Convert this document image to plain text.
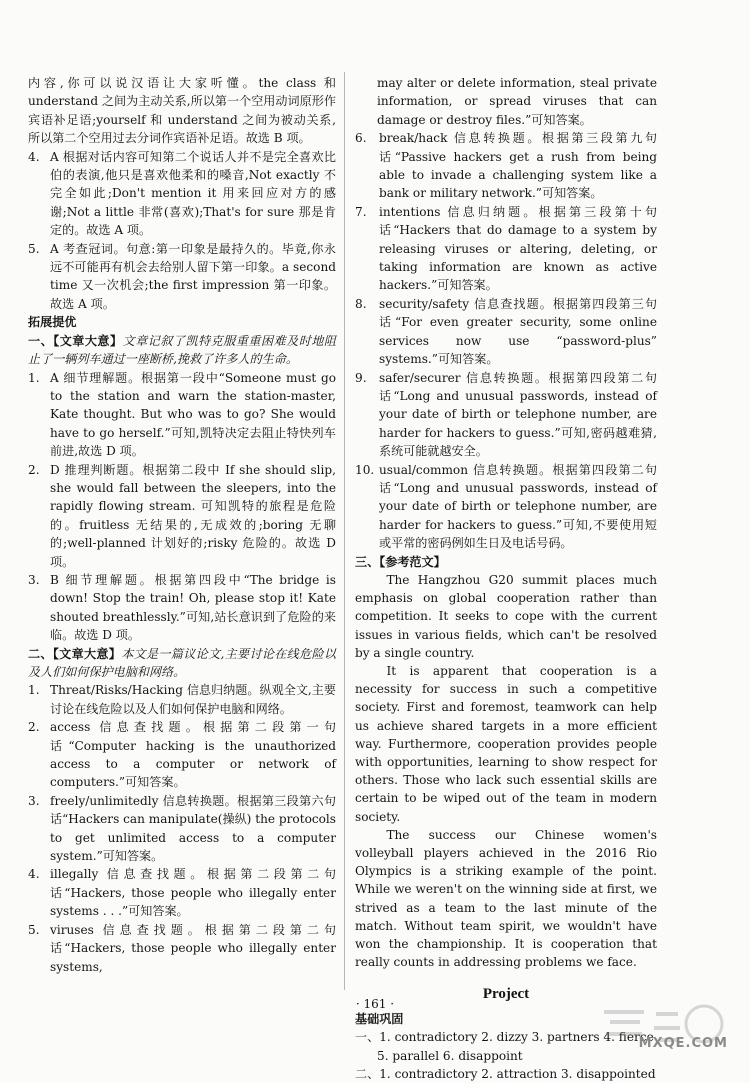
内容,你可以说汉语让大家听懂。the class 和 understand 之间为主动关系,所以第一个空用动词原形作宾语补足语;yourself 和 understand 之间为被动关系,所以第二个空用过去分词作宾语补足语。故选 B 项。

4. A 根据对话内容可知第二个说话人并不是完全喜欢比伯的表演,他只是喜欢他柔和的嗓音,Not exactly 不完全如此;Don't mention it 用来回应对方的感谢;Not a little 非常(喜欢);That's for sure 那是肯定的。故选 A 项。
5. A 考查冠词。句意:第一印象是最持久的。毕竟,你永远不可能再有机会去给别人留下第一印象。a second time 又一次机会;the first impression 第一印象。故选 A 项。

拓展提优

一、【文章大意】文章记叙了凯特克服重重困难及时地阻止了一辆列车通过一座断桥,挽救了许多人的生命。

1. A 细节理解题。根据第一段中“Someone must go to the station and warn the station-master, Kate thought. But who was to go? She would have to go herself.”可知,凯特决定去阻止特快列车前进,故选 D 项。
2. D 推理判断题。根据第二段中 If she should slip, she would fall between the sleepers, into the rapidly flowing stream. 可知凯特的旅程是危险的。fruitless 无结果的,无成效的;boring 无聊的;well-planned 计划好的;risky 危险的。故选 D 项。
3. B 细节理解题。根据第四段中“The bridge is down! Stop the train! Oh, please stop it! Kate shouted breathlessly.”可知,站长意识到了危险的来临。故选 D 项。

二、【文章大意】本文是一篇议论文,主要讨论在线危险以及人们如何保护电脑和网络。

1. Threat/Risks/Hacking 信息归纳题。纵观全文,主要讨论在线危险以及人们如何保护电脑和网络。
2. access 信息查找题。根据第二段第一句话“Computer hacking is the unauthorized access to a computer or network of computers.”可知答案。
3. freely/unlimitedly 信息转换题。根据第三段第六句话“Hackers can manipulate(操纵) the protocols to get unlimited access to a computer system.”可知答案。
4. illegally 信息查找题。根据第二段第二句话“Hackers, those people who illegally enter systems . . .”可知答案。
5. viruses 信息查找题。根据第二段第二句话“Hackers, those people who illegally enter systems,

may alter or delete information, steal private information, or spread viruses that can damage or destroy files.”可知答案。

6.	break/hack 信息转换题。根据第三段第九句话“Passive hackers get a rush from being able to invade a challenging system like a bank or military network.”可知答案。
7.	intentions 信息归纳题。根据第三段第十句话“Hackers that do damage to a system by releasing viruses or altering, deleting, or taking information are known as active hackers.”可知答案。
8.	security/safety 信息查找题。根据第四段第三句话“For even greater security, some online services now use “password-plus” systems.”可知答案。
9.	safer/securer 信息转换题。根据第四段第二句话“Long and unusual passwords, instead of your date of birth or telephone number, are harder for hackers to guess.”可知,密码越难猜,系统可能就越安全。
10. usual/common 信息转换题。根据第四段第二句话“Long and unusual passwords, instead of your date of birth or telephone number, are harder for hackers to guess.”可知,不要使用短或平常的密码例如生日及电话号码。

三、【参考范文】

The Hangzhou G20 summit places much emphasis on global cooperation rather than competition. It seeks to cope with the current issues in various fields, which can't be resolved by a single country.

It is apparent that cooperation is a necessity for success in such a competitive society. First and foremost, teamwork can help us achieve shared targets in a more efficient way. Furthermore, cooperation provides people with opportunities, learning to show respect for others. Those who lack such essential skills are certain to be wiped out of the team in modern society.

The success our Chinese women's volleyball players achieved in the 2016 Rio Olympics is a striking example of the point. While we weren't on the winning side at first, we strived as a team to the last minute of the match. Without team spirit, we wouldn't have won the championship. It is cooperation that really counts in addressing problems we face.

Project

基础巩固

一、1. contradictory 2. dizzy 3. partners 4. fierce

5. parallel 6. disappoint

二、1. contradictory 2. attraction 3. disappointed

· 161 ·
MXQE.COM
